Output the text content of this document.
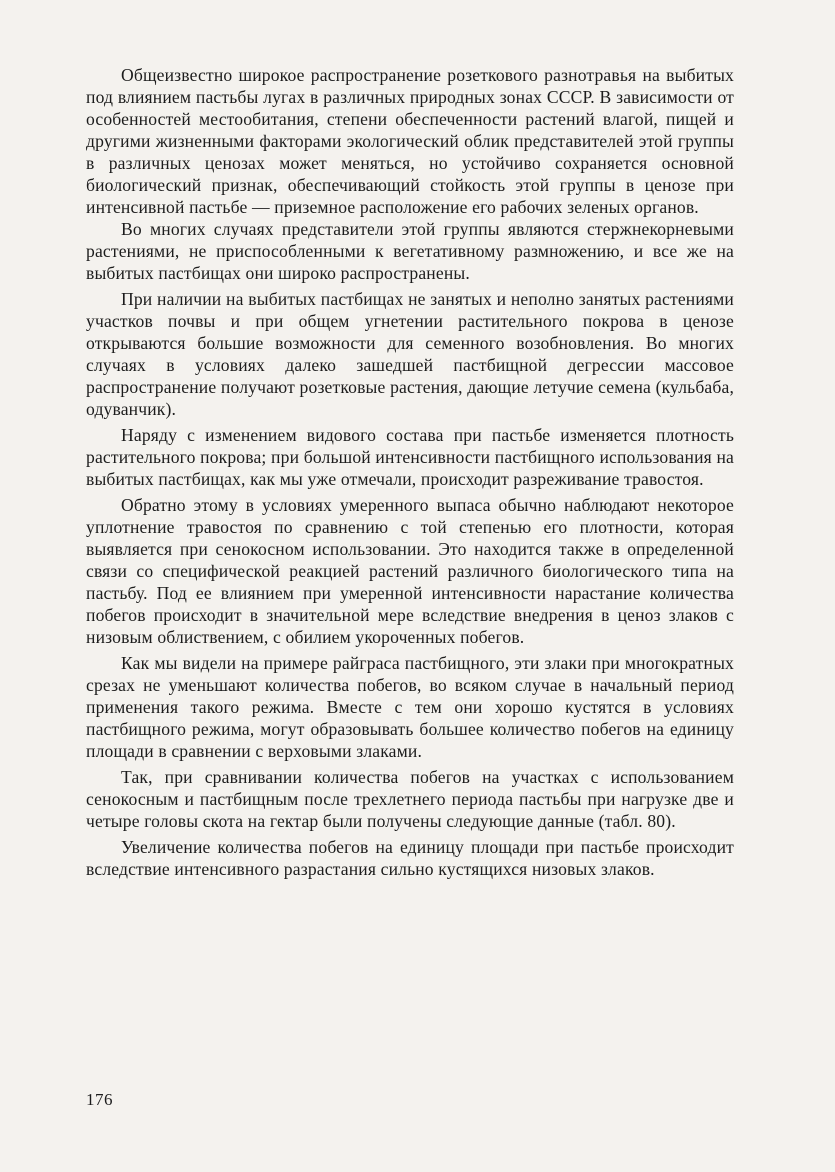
Общеизвестно широкое распространение розеткового разнотравья на выбитых под влиянием пастьбы лугах в различных природных зонах СССР. В зависимости от особенностей местообитания, степени обеспеченности растений влагой, пищей и другими жизненными факторами экологический облик представителей этой группы в различных ценозах может меняться, но устойчиво сохраняется основной биологический признак, обеспечивающий стойкость этой группы в ценозе при интенсивной пастьбе — приземное расположение его рабочих зеленых органов.

Во многих случаях представители этой группы являются стержнекорневыми растениями, не приспособленными к вегетативному размножению, и все же на выбитых пастбищах они широко распространены.

При наличии на выбитых пастбищах не занятых и неполно занятых растениями участков почвы и при общем угнетении растительного покрова в ценозе открываются большие возможности для семенного возобновления. Во многих случаях в условиях далеко зашедшей пастбищной дегрессии массовое распространение получают розетковые растения, дающие летучие семена (кульбаба, одуванчик).

Наряду с изменением видового состава при пастьбе изменяется плотность растительного покрова; при большой интенсивности пастбищного использования на выбитых пастбищах, как мы уже отмечали, происходит разреживание травостоя.

Обратно этому в условиях умеренного выпаса обычно наблюдают некоторое уплотнение травостоя по сравнению с той степенью его плотности, которая выявляется при сенокосном использовании. Это находится также в определенной связи со специфической реакцией растений различного биологического типа на пастьбу. Под ее влиянием при умеренной интенсивности нарастание количества побегов происходит в значительной мере вследствие внедрения в ценоз злаков с низовым облиствением, с обилием укороченных побегов.

Как мы видели на примере райграса пастбищного, эти злаки при многократных срезах не уменьшают количества побегов, во всяком случае в начальный период применения такого режима. Вместе с тем они хорошо кустятся в условиях пастбищного режима, могут образовывать большее количество побегов на единицу площади в сравнении с верховыми злаками.

Так, при сравнивании количества побегов на участках с использованием сенокосным и пастбищным после трехлетнего периода пастьбы при нагрузке две и четыре головы скота на гектар были получены следующие данные (табл. 80).

Увеличение количества побегов на единицу площади при пастьбе происходит вследствие интенсивного разрастания сильно кустящихся низовых злаков.

176
